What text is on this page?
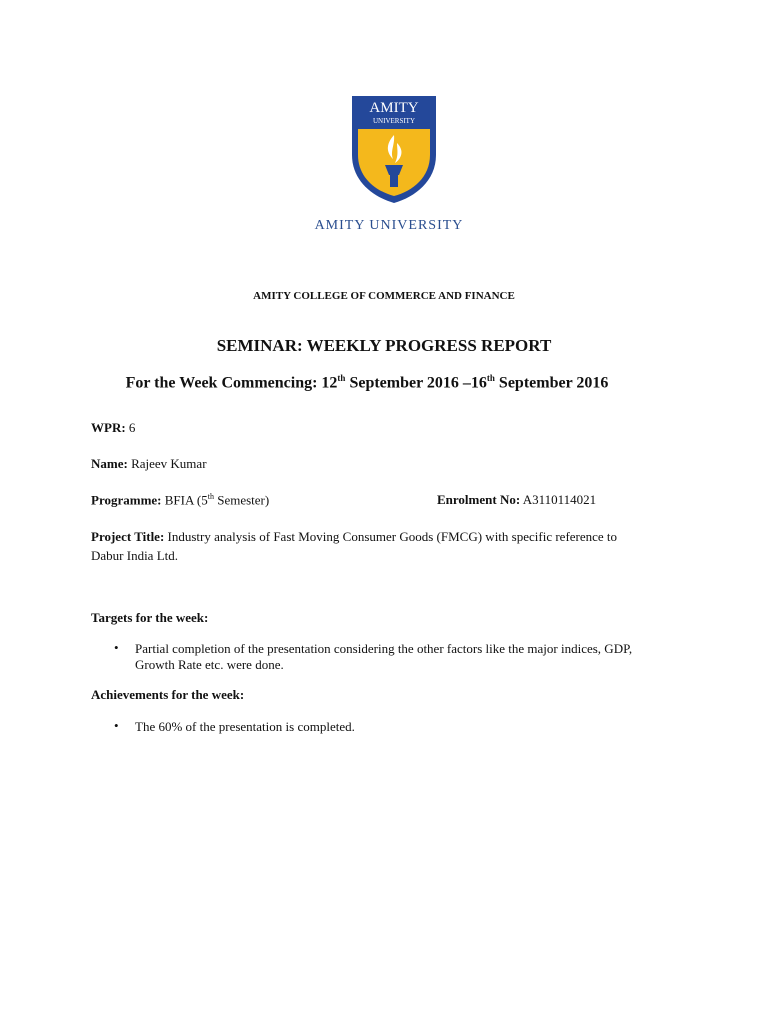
AMITY
UNIVERSITY
AMITY UNIVERSITY
AMITY COLLEGE OF COMMERCE AND FINANCE
SEMINAR: WEEKLY PROGRESS REPORT
For the Week Commencing: 12th September 2016 –16th September 2016
WPR: 6
Name: Rajeev Kumar
Programme: BFIA (5th Semester)	Enrolment No: A3110114021
Project Title: Industry analysis of Fast Moving Consumer Goods (FMCG) with specific reference to Dabur India Ltd.
Targets for the week:
• Partial completion of the presentation considering the other factors like the major indices, GDP, Growth Rate etc. were done.
Achievements for the week:
• The 60% of the presentation is completed.
